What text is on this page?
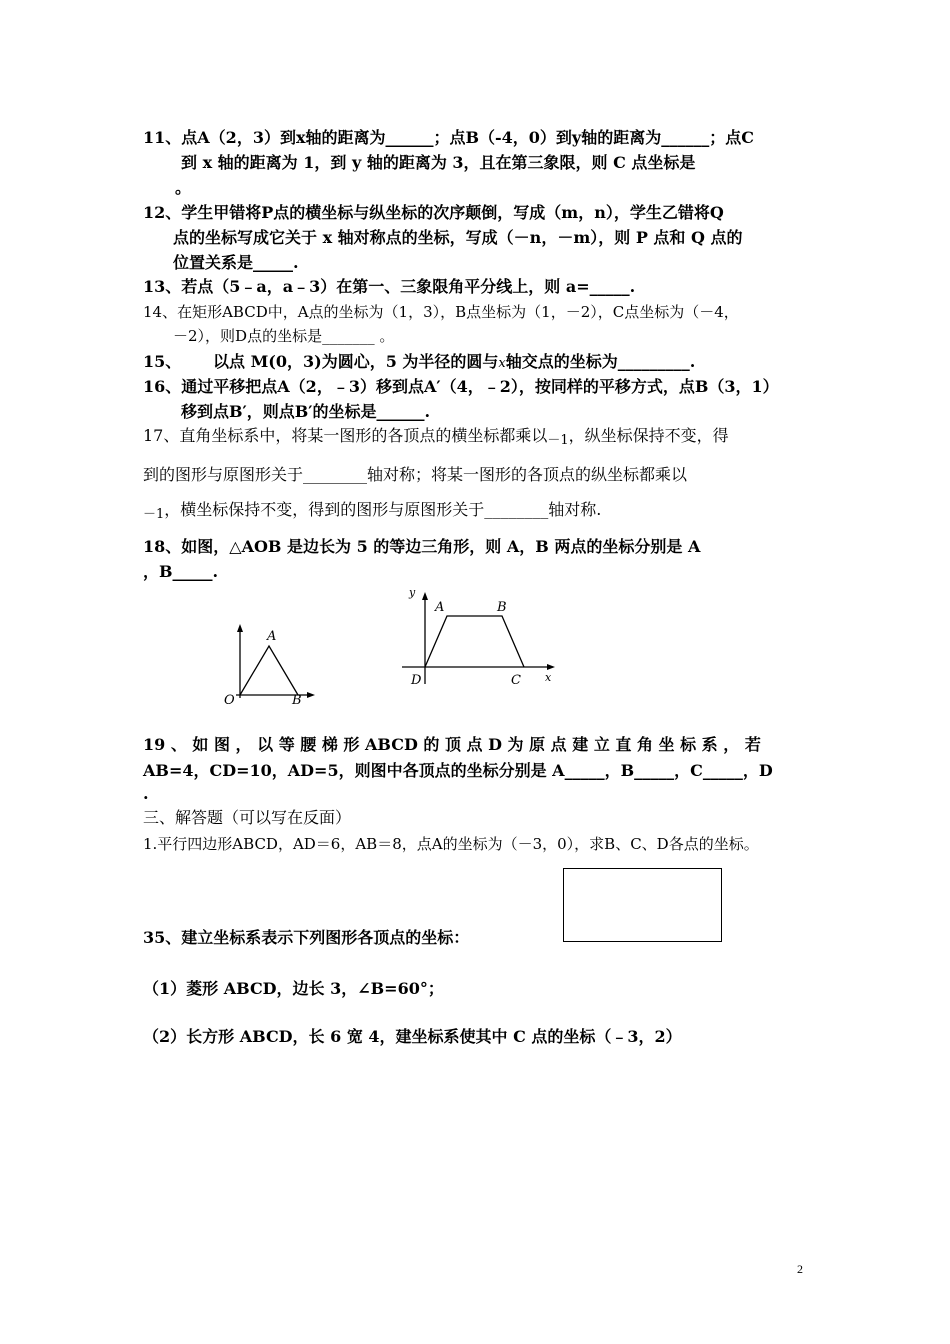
11、点A（2，3）到x轴的距离为______；点B（-4，0）到y轴的距离为______；点C
到 x 轴的距离为 1，到 y 轴的距离为 3，且在第三象限，则 C 点坐标是
。
12、学生甲错将P点的横坐标与纵坐标的次序颠倒，写成（m，n），学生乙错将Q
点的坐标写成它关于 x 轴对称点的坐标，写成（－n，－m），则 P 点和 Q 点的
位置关系是_____.
13、若点（5﹣a，a﹣3）在第一、三象限角平分线上，则 a=_____.
14、在矩形ABCD中，A点的坐标为（1，3），B点坐标为（1，－2），C点坐标为（－4，
－2），则D点的坐标是_______ 。
15、 以点 M(0，3)为圆心，5 为半径的圆与x轴交点的坐标为_________.
16、通过平移把点A（2，﹣3）移到点A′（4，﹣2），按同样的平移方式，点B（3，1）
移到点B′，则点B′的坐标是______.
17、直角坐标系中，将某一图形的各顶点的横坐标都乘以－1，纵坐标保持不变，得
到的图形与原图形关于________轴对称；将某一图形的各顶点的纵坐标都乘以
－1，横坐标保持不变，得到的图形与原图形关于________轴对称.
18、如图，△AOB 是边长为 5 的等边三角形，则 A，B 两点的坐标分别是 A
，B_____.
A
O	B
y
A	B
D	C x
19 、 如 图 ， 以 等 腰 梯 形 ABCD 的 顶 点 D 为 原 点 建 立 直 角 坐 标 系 ， 若
AB=4，CD=10，AD=5，则图中各顶点的坐标分别是 A_____，B_____，C_____，D
.
三、解答题（可以写在反面）
1.平行四边形ABCD，AD＝6，AB＝8，点A的坐标为（－3，0），求B、C、D各点的坐标。
35、建立坐标系表示下列图形各顶点的坐标：
（1）菱形 ABCD，边长 3，∠B=60°；
（2）长方形 ABCD，长 6 宽 4，建坐标系使其中 C 点的坐标（﹣3，2）
2
